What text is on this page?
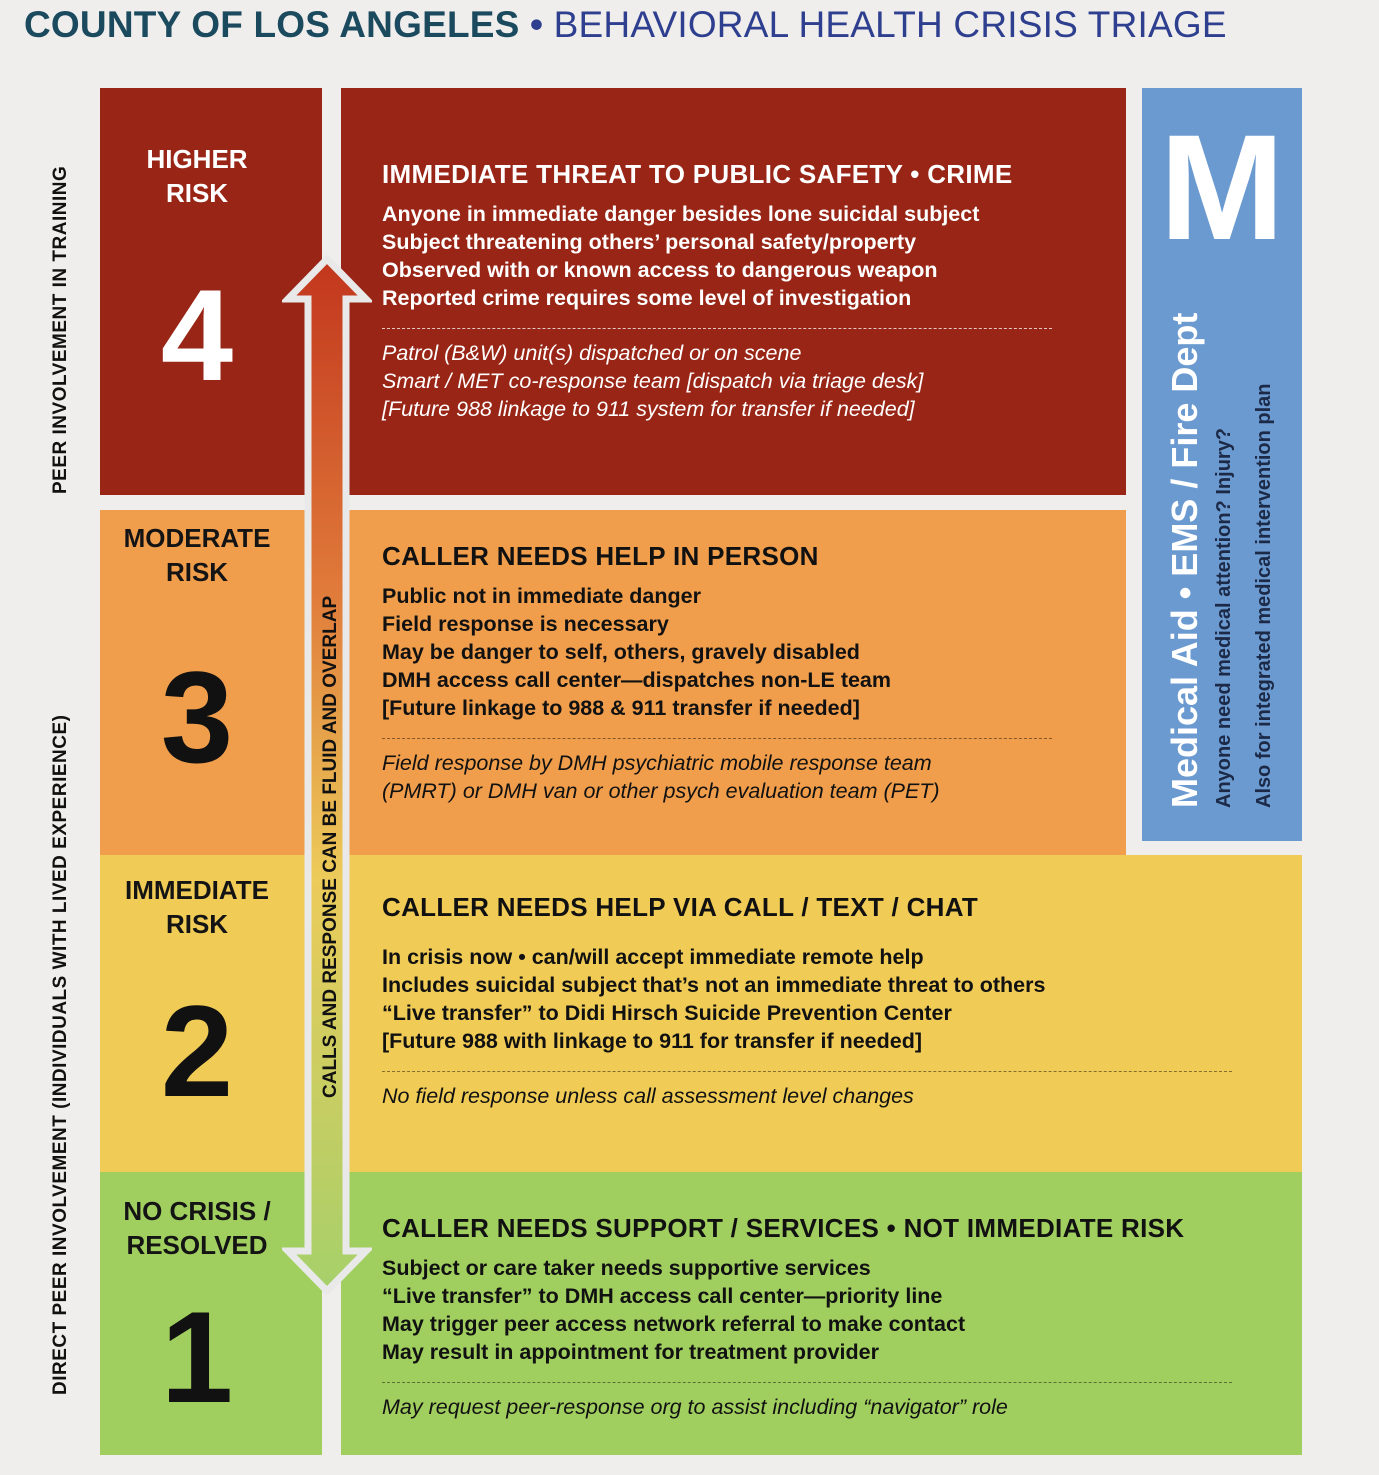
COUNTY OF LOS ANGELES • BEHAVIORAL HEALTH CRISIS TRIAGE
PEER INVOLVEMENT IN TRAINING
DIRECT PEER INVOLVEMENT (INDIVIDUALS WITH LIVED EXPERIENCE)
M
Medical Aid • EMS / Fire Dept Anyone need medical attention? Injury? Also for integrated medical intervention plan
HIGHER
RISK
4
IMMEDIATE THREAT TO PUBLIC SAFETY • CRIME
Anyone in immediate danger besides lone suicidal subject
Subject threatening others’ personal safety/property
Observed with or known access to dangerous weapon
Reported crime requires some level of investigation
Patrol (B&W) unit(s) dispatched or on scene
Smart / MET co-response team [dispatch via triage desk]
[Future 988 linkage to 911 system for transfer if needed]
MODERATE
RISK
3
CALLER NEEDS HELP IN PERSON
Public not in immediate danger
Field response is necessary
May be danger to self, others, gravely disabled
DMH access call center—dispatches non-LE team
[Future linkage to 988 & 911 transfer if needed]
Field response by DMH psychiatric mobile response team
(PMRT) or DMH van or other psych evaluation team (PET)
IMMEDIATE
RISK
2
CALLER NEEDS HELP VIA CALL / TEXT / CHAT
In crisis now • can/will accept immediate remote help
Includes suicidal subject that’s not an immediate threat to others
“Live transfer” to Didi Hirsch Suicide Prevention Center
[Future 988 with linkage to 911 for transfer if needed]
No field response unless call assessment level changes
NO CRISIS /
RESOLVED
1
CALLER NEEDS SUPPORT / SERVICES • NOT IMMEDIATE RISK
Subject or care taker needs supportive services
“Live transfer” to DMH access call center—priority line
May trigger peer access network referral to make contact
May result in appointment for treatment provider
May request peer-response org to assist including “navigator” role
CALLS AND RESPONSE CAN BE FLUID AND OVERLAP
